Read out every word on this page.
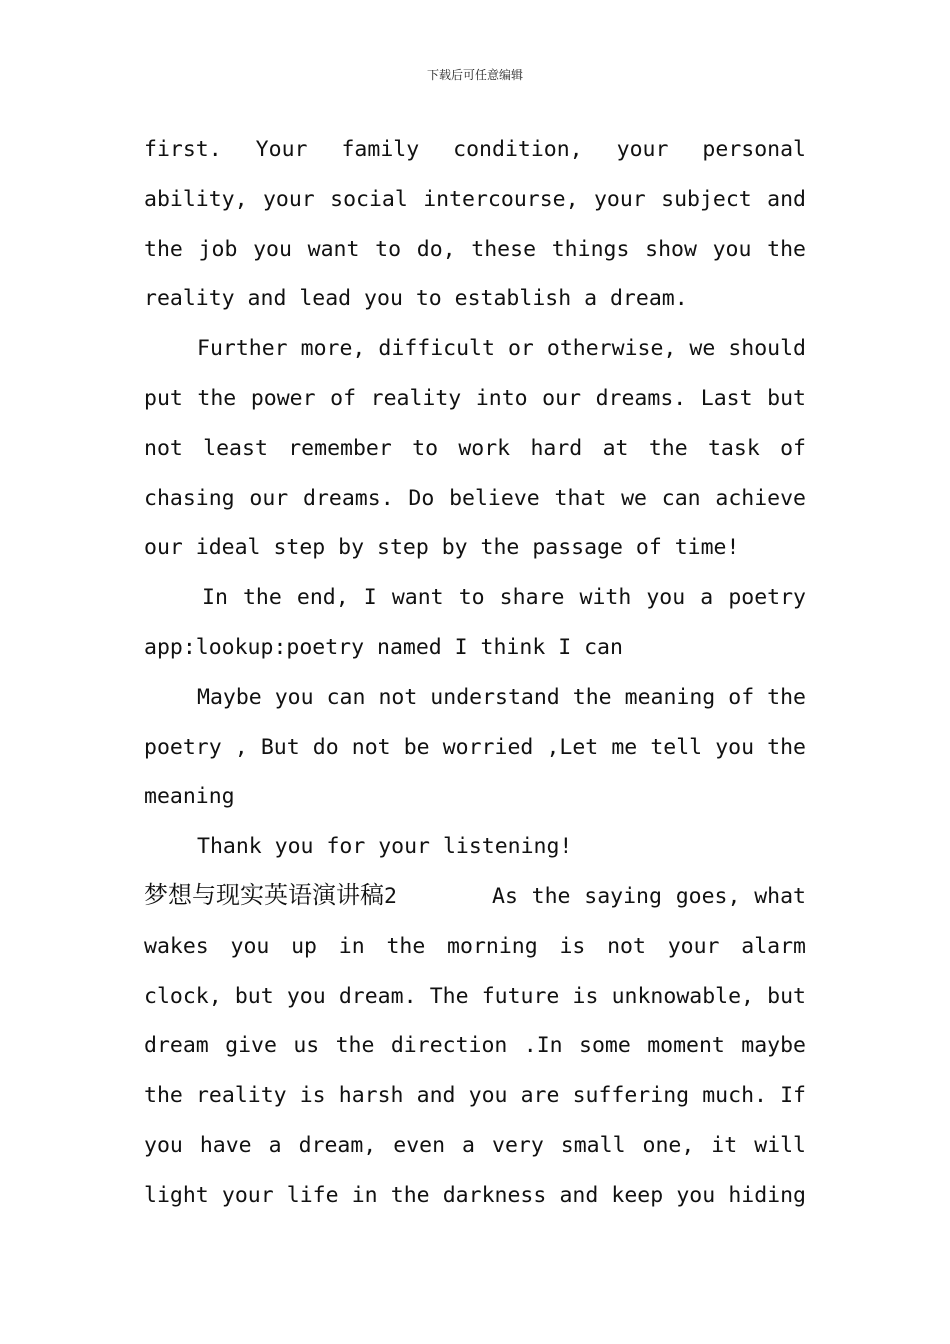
下载后可任意编辑
first. Your family condition, your personal
ability, your social intercourse, your subject and
the job you want to do, these things show you the
reality and lead you to establish a dream.
Further more, difficult or otherwise, we should
put the power of reality into our dreams. Last but
not least remember to work hard at the task of
chasing our dreams. Do believe that we can achieve
our ideal step by step by the passage of time!
In the end, I want to share with you a poetry
app:lookup:poetry named I think I can
Maybe you can not understand the meaning of the
poetry , But do not be worried ,Let me tell you the
meaning
Thank you for your listening!
梦想与现实英语演讲稿2	As the saying goes, what
wakes you up in the morning is not your alarm
clock, but you dream. The future is unknowable, but
dream give us the direction .In some moment maybe
the reality is harsh and you are suffering much. If
you have a dream, even a very small one, it will
light your life in the darkness and keep you hiding
